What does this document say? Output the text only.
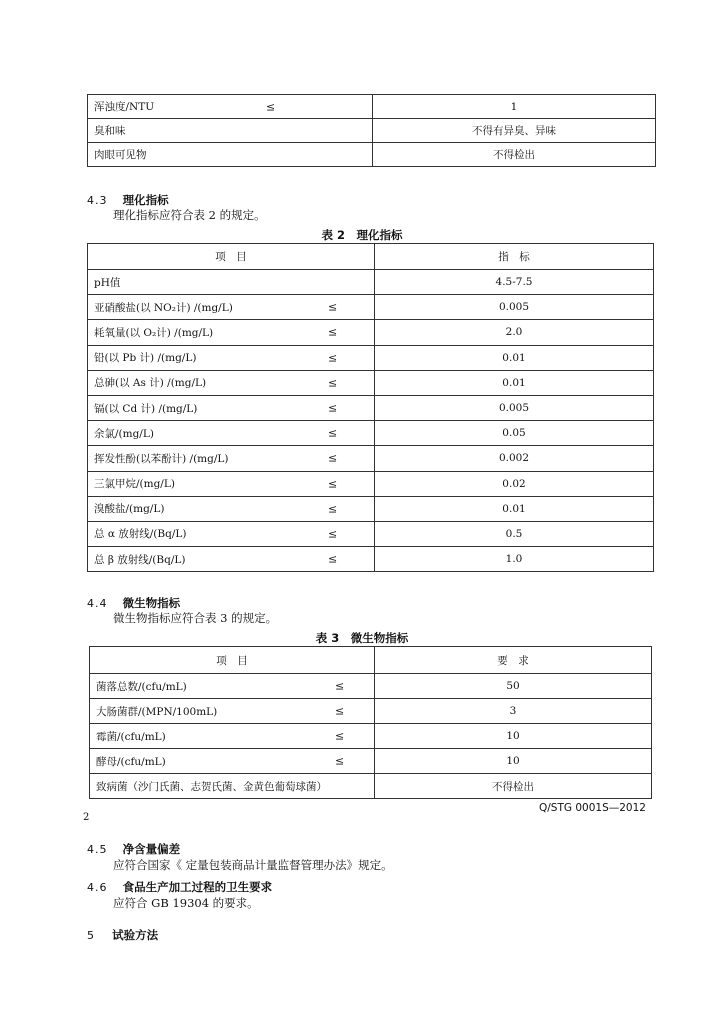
浑浊度/NTU ≤	1
臭和味	不得有异臭、异味
肉眼可见物	不得检出
4.3 理化指标
理化指标应符合表 2 的规定。
表 2　理化指标
项　目	指　标
pH值	4.5-7.5
亚硝酸盐(以 NO₂计) /(mg/L) ≤	0.005
耗氧量(以 O₂计) /(mg/L) ≤	2.0
铅(以 Pb 计) /(mg/L) ≤	0.01
总砷(以 As 计) /(mg/L) ≤	0.01
镉(以 Cd 计) /(mg/L) ≤	0.005
余氯/(mg/L) ≤	0.05
挥发性酚(以苯酚计) /(mg/L) ≤	0.002
三氯甲烷/(mg/L) ≤	0.02
溴酸盐/(mg/L) ≤	0.01
总 α 放射线/(Bq/L) ≤	0.5
总 β 放射线/(Bq/L) ≤	1.0
4.4 微生物指标
微生物指标应符合表 3 的规定。
表 3　微生物指标
项　目	要　求
菌落总数/(cfu/mL) ≤	50
大肠菌群/(MPN/100mL) ≤	3
霉菌/(cfu/mL) ≤	10
酵母/(cfu/mL) ≤	10
致病菌（沙门氏菌、志贺氏菌、金黄色葡萄球菌）	不得检出
2
Q/STG 0001S—2012
4.5 净含量偏差
应符合国家《 定量包装商品计量监督管理办法》规定。
4.6 食品生产加工过程的卫生要求
应符合 GB 19304 的要求。
5 试验方法
